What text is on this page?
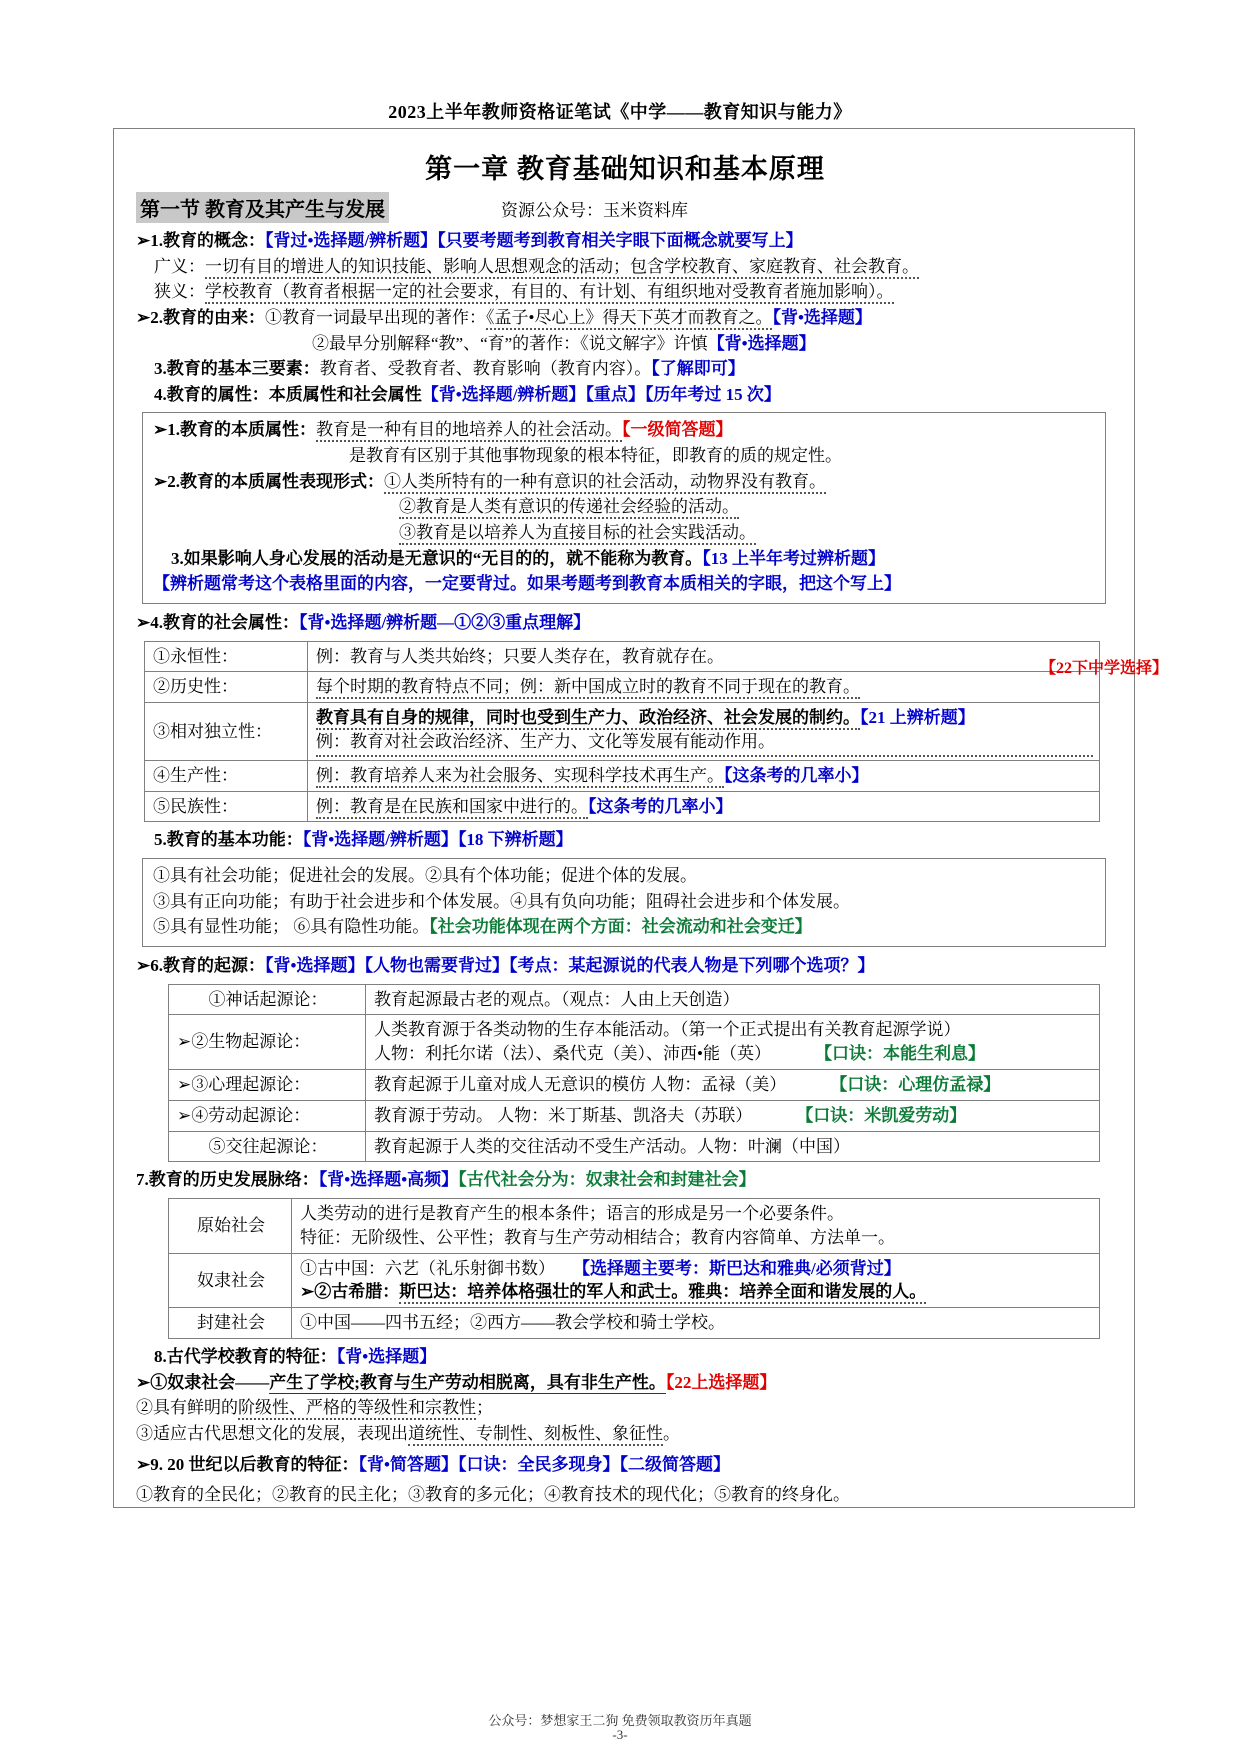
2023上半年教师资格证笔试《中学——教育知识与能力》
第一章 教育基础知识和基本原理
第一节 教育及其产生与发展	资源公众号：玉米资料库
➢1.教育的概念：【背过•选择题/辨析题】【只要考题考到教育相关字眼下面概念就要写上】
广义：一切有目的增进人的知识技能、影响人思想观念的活动；包含学校教育、家庭教育、社会教育。
狭义：学校教育（教育者根据一定的社会要求，有目的、有计划、有组织地对受教育者施加影响）。
➢2.教育的由来：①教育一词最早出现的著作：《孟子•尽心上》得天下英才而教育之。【背•选择题】
②最早分别解释“教”、“育”的著作：《说文解字》许慎【背•选择题】
3.教育的基本三要素：教育者、受教育者、教育影响（教育内容）。【了解即可】
4.教育的属性：本质属性和社会属性【背•选择题/辨析题】【重点】【历年考过 15 次】
➢1.教育的本质属性：教育是一种有目的地培养人的社会活动。【一级简答题】
是教育有区别于其他事物现象的根本特征，即教育的质的规定性。
➢2.教育的本质属性表现形式：①人类所特有的一种有意识的社会活动，动物界没有教育。
②教育是人类有意识的传递社会经验的活动。
③教育是以培养人为直接目标的社会实践活动。
3.如果影响人身心发展的活动是无意识的“无目的的，就不能称为教育。【13 上半年考过辨析题】
【辨析题常考这个表格里面的内容，一定要背过。如果考题考到教育本质相关的字眼，把这个写上】
➢4.教育的社会属性：【背•选择题/辨析题—①②③重点理解】
①永恒性：	例：教育与人类共始终；只要人类存在，教育就存在。
②历史性：	每个时期的教育特点不同；例：新中国成立时的教育不同于现在的教育。
③相对独立性：	教育具有自身的规律，同时也受到生产力、政治经济、社会发展的制约。【21 上辨析题】
例：教育对社会政治经济、生产力、文化等发展有能动作用。

④生产性：	例：教育培养人来为社会服务、实现科学技术再生产。【这条考的几率小】
⑤民族性：	例：教育是在民族和国家中进行的。【这条考的几率小】
5.教育的基本功能：【背•选择题/辨析题】【18 下辨析题】
①具有社会功能；促进社会的发展。②具有个体功能；促进个体的发展。
③具有正向功能；有助于社会进步和个体发展。④具有负向功能；阻碍社会进步和个体发展。
⑤具有显性功能； ⑥具有隐性功能。【社会功能体现在两个方面：社会流动和社会变迁】
➢6.教育的起源：【背•选择题】【人物也需要背过】【考点：某起源说的代表人物是下列哪个选项？】
①神话起源论：	教育起源最古老的观点。（观点：人由上天创造）
➢②生物起源论：	人类教育源于各类动物的生存本能活动。（第一个正式提出有关教育起源学说）
人物：利托尔诺（法）、桑代克（美）、沛西•能（英） 【口诀：本能生利息】

➢③心理起源论：	教育起源于儿童对成人无意识的模仿 人物：孟禄（美） 【口诀：心理仿孟禄】
➢④劳动起源论：	教育源于劳动。 人物：米丁斯基、凯洛夫（苏联） 【口诀：米凯爱劳动】
⑤交往起源论：	教育起源于人类的交往活动不受生产活动。人物：叶澜（中国）
7.教育的历史发展脉络：【背•选择题•高频】【古代社会分为：奴隶社会和封建社会】
原始社会	人类劳动的进行是教育产生的根本条件；语言的形成是另一个必要条件。
特征：无阶级性、公平性；教育与生产劳动相结合；教育内容简单、方法单一。

奴隶社会	①古中国：六艺（礼乐射御书数） 【选择题主要考：斯巴达和雅典/必须背过】
➢②古希腊：斯巴达：培养体格强壮的军人和武士。雅典：培养全面和谐发展的人。

封建社会	①中国——四书五经；②西方——教会学校和骑士学校。
8.古代学校教育的特征：【背•选择题】
➢①奴隶社会——产生了学校;教育与生产劳动相脱离，具有非生产性。【22上选择题】
②具有鲜明的阶级性、严格的等级性和宗教性；
③适应古代思想文化的发展，表现出道统性、专制性、刻板性、象征性。
➢9. 20 世纪以后教育的特征：【背•简答题】【口诀：全民多现身】【二级简答题】
①教育的全民化；②教育的民主化；③教育的多元化；④教育技术的现代化；⑤教育的终身化。
【22下中学选择】
公众号：梦想家王二狗 免费领取教资历年真题
-3-
